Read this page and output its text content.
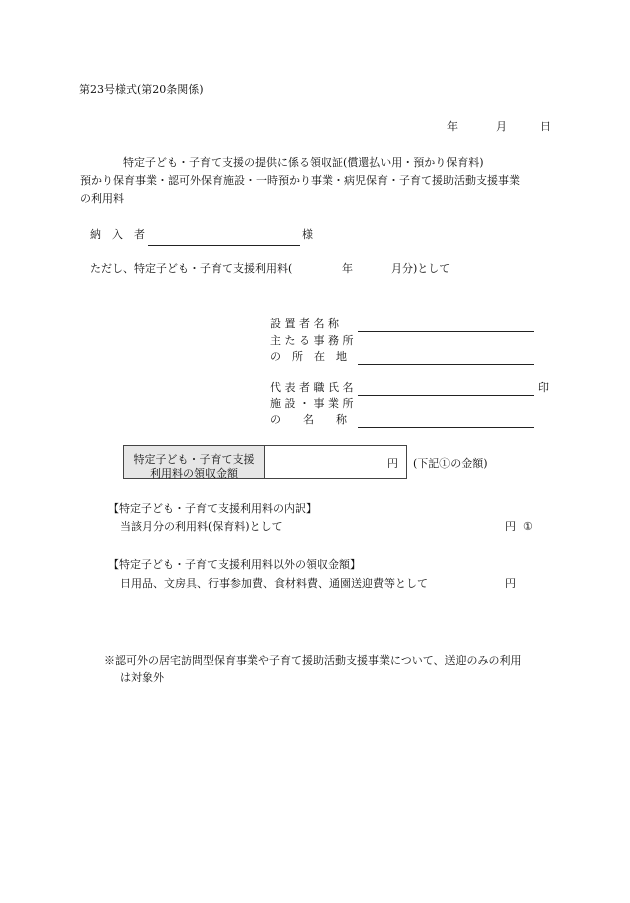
第23号様式(第20条関係)
年	月	日
特定子ども・子育て支援の提供に係る領収証(償還払い用・預かり保育料)
預かり保育事業・認可外保育施設・一時預かり事業・病児保育・子育て援助活動支援事業
の利用料
納　入　者	様
ただし、特定子ども・子育て支援利用料(	年	月分)として
設 置 者 名 称
主 た る 事 務 所
の　所　在　地
代 表 者 職 氏 名	印
施 設 ・ 事 業 所
の　　名　　称
特定子ども・子育て支援
利用料の領収金額
円 (下記①の金額)
【特定子ども・子育て支援利用料の内訳】
当該月分の利用料(保育料)として	円 ①
【特定子ども・子育て支援利用料以外の領収金額】
日用品、文房具、行事参加費、食材料費、通園送迎費等として	円
※認可外の居宅訪問型保育事業や子育て援助活動支援事業について、送迎のみの利用
は対象外
